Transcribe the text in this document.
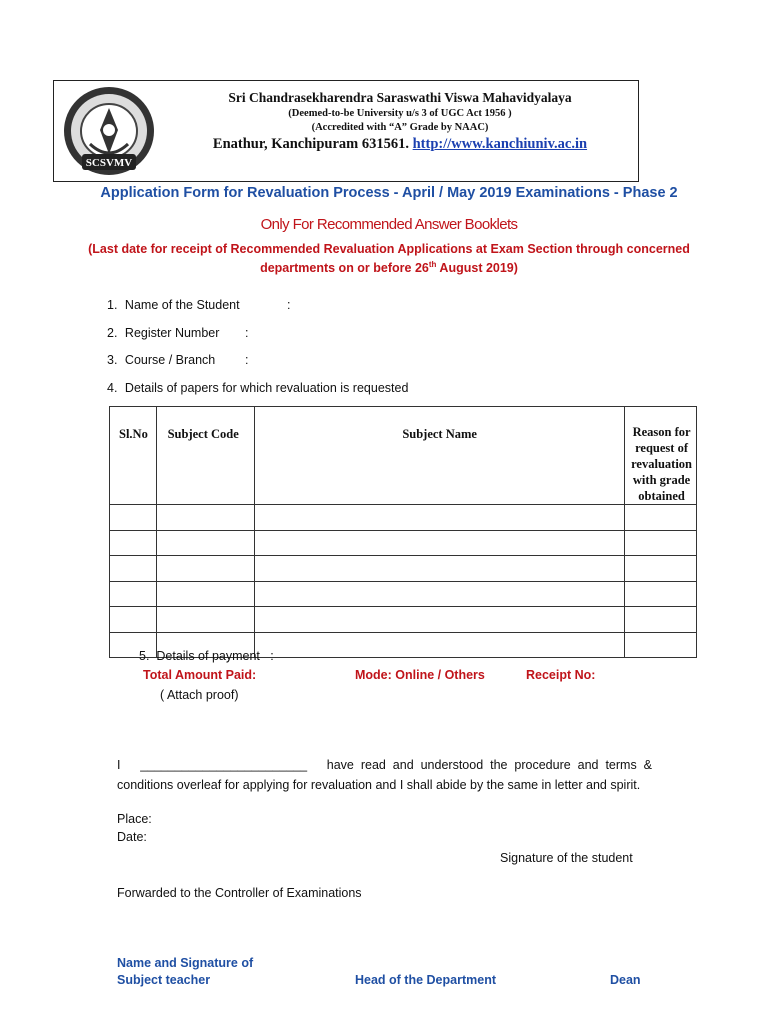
SCSVMV
Sri Chandrasekharendra Saraswathi Viswa Mahavidyalaya
(Deemed-to-be University u/s 3 of UGC Act 1956 )
(Accredited with “A” Grade by NAAC)
Enathur, Kanchipuram 631561. http://www.kanchiuniv.ac.in
Application Form for Revaluation Process - April / May 2019 Examinations - Phase 2
Only For Recommended Answer Booklets
(Last date for receipt of Recommended Revaluation Applications at Exam Section through concerned
departments on or before 26th August 2019)
1. Name of the Student	:
2. Register Number :
3. Course / Branch :
4. Details of papers for which revaluation is requested
Sl.No	Subject Code	Subject Name	Reason for request of revaluation with grade obtained

5.  Details of payment   :
Total Amount Paid:	Mode: Online / Others	Receipt No:
( Attach proof)
I ________________________ have  read  and  understood  the  procedure  and  terms  &
conditions overleaf for applying for revaluation and I shall abide by the same in letter and spirit.
Place:
Date:
Signature of the student
Forwarded to the Controller of Examinations
Name and Signature of
Subject teacher	Head of the Department	Dean
